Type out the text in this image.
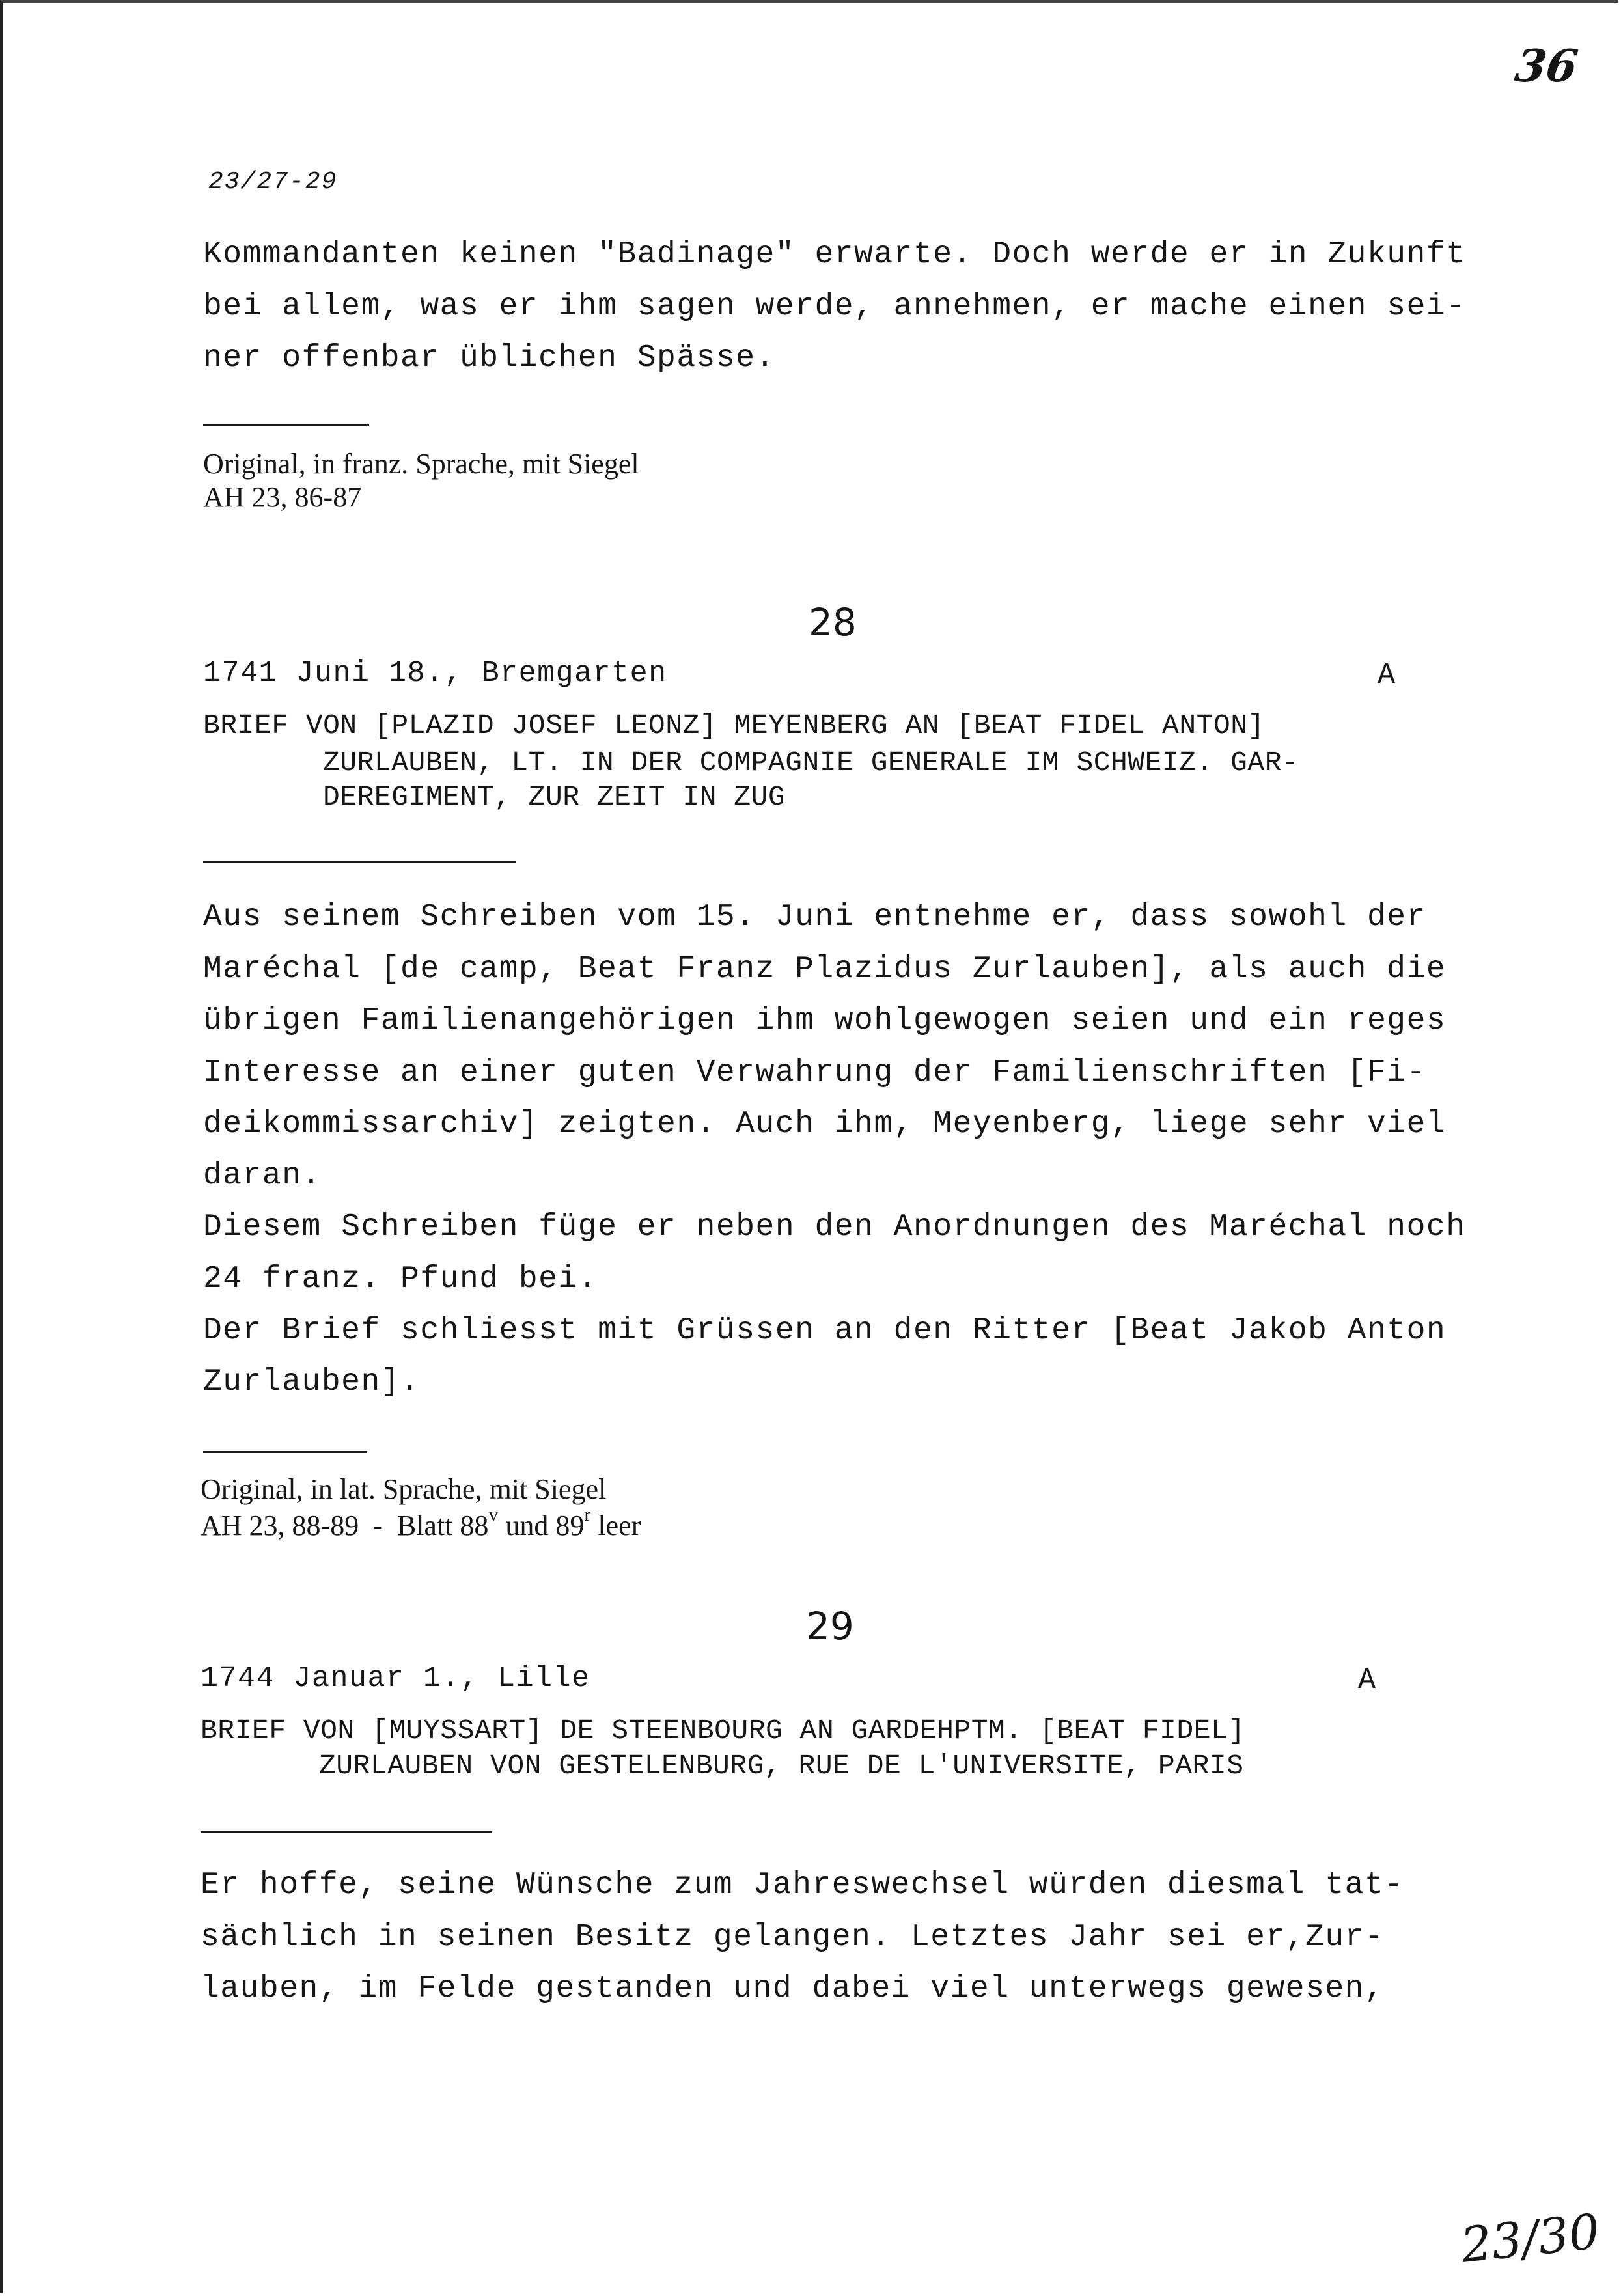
36
23/27-29
Kommandanten keinen "Badinage" erwarte. Doch werde er in Zukunft
bei allem, was er ihm sagen werde, annehmen, er mache einen sei-
ner offenbar üblichen Spässe.
Original, in franz. Sprache, mit Siegel
AH 23, 86-87
28
1741 Juni 18., Bremgarten	A
BRIEF VON [PLAZID JOSEF LEONZ] MEYENBERG AN [BEAT FIDEL ANTON]
ZURLAUBEN, LT. IN DER COMPAGNIE GENERALE IM SCHWEIZ. GAR-
DEREGIMENT, ZUR ZEIT IN ZUG
Aus seinem Schreiben vom 15. Juni entnehme er, dass sowohl der
Maréchal [de camp, Beat Franz Plazidus Zurlauben], als auch die
übrigen Familienangehörigen ihm wohlgewogen seien und ein reges
Interesse an einer guten Verwahrung der Familienschriften [Fi-
deikommissarchiv] zeigten. Auch ihm, Meyenberg, liege sehr viel
daran.
Diesem Schreiben füge er neben den Anordnungen des Maréchal noch
24 franz. Pfund bei.
Der Brief schliesst mit Grüssen an den Ritter [Beat Jakob Anton
Zurlauben].
Original, in lat. Sprache, mit Siegel
AH 23, 88-89  -  Blatt 88$^v$ und 89$^r$ leer
29
1744 Januar 1., Lille	A
BRIEF VON [MUYSSART] DE STEENBOURG AN GARDEHPTM. [BEAT FIDEL]
ZURLAUBEN VON GESTELENBURG, RUE DE L'UNIVERSITE, PARIS
Er hoffe, seine Wünsche zum Jahreswechsel würden diesmal tat-
sächlich in seinen Besitz gelangen. Letztes Jahr sei er,Zur-
lauben, im Felde gestanden und dabei viel unterwegs gewesen,
23/30
